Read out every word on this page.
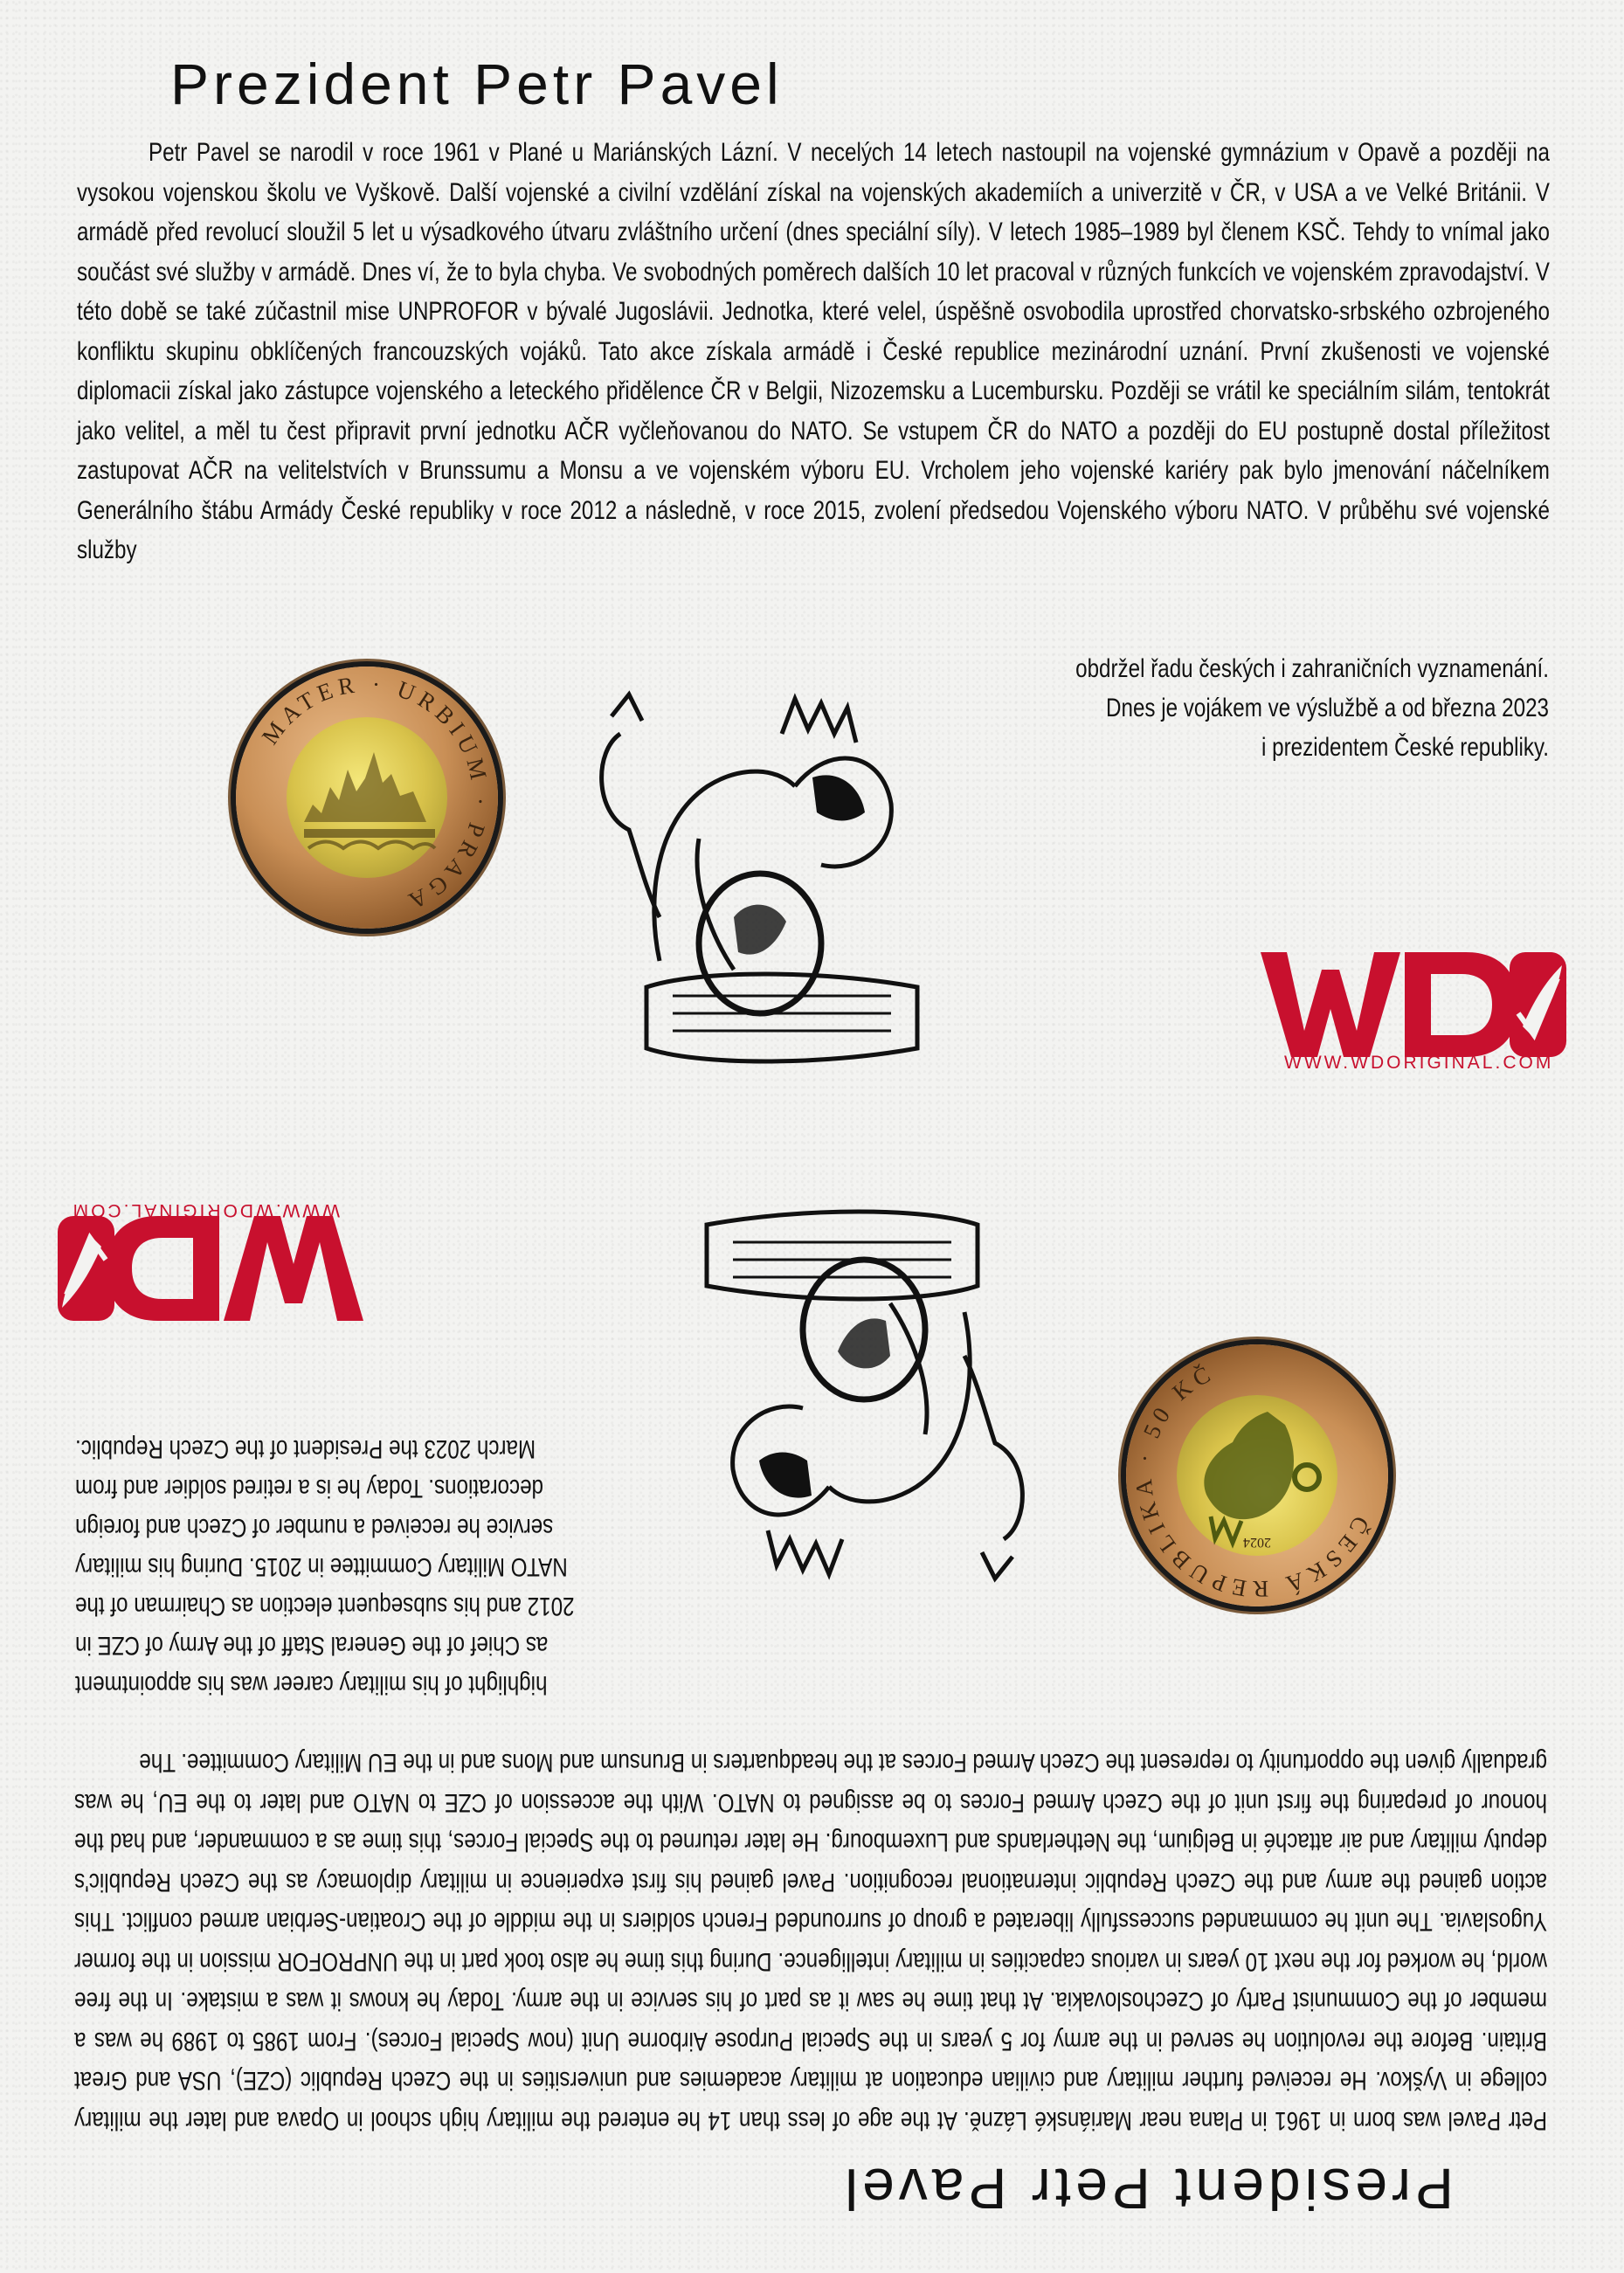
Prezident Petr Pavel

Petr Pavel se narodil v roce 1961 v Plané u Mariánských Lázní. V necelých 14 letech nastoupil na vojenské gymnázium v Opavě a později na vysokou vojenskou školu ve Vyškově. Další vojenské a civilní vzdělání získal na vojenských akademiích a univerzitě v ČR, v USA a ve Velké Británii. V armádě před revolucí sloužil 5 let u výsadkového útvaru zvláštního určení (dnes speciální síly). V letech 1985–1989 byl členem KSČ. Tehdy to vnímal jako součást své služby v armádě. Dnes ví, že to byla chyba. Ve svobodných poměrech dalších 10 let pracoval v různých funkcích ve vojenském zpravodajství. V této době se také zúčastnil mise UNPROFOR v bývalé Jugoslávii. Jednotka, které velel, úspěšně osvobodila uprostřed chorvatsko-srbského ozbrojeného konfliktu skupinu obklíčených francouzských vojáků. Tato akce získala armádě i České republice mezinárodní uznání. První zkušenosti ve vojenské diplomacii získal jako zástupce vojenského a leteckého přidělence ČR v Belgii, Nizozemsku a Lucembursku. Později se vrátil ke speciálním silám, tentokrát jako velitel, a měl tu čest připravit první jednotku AČR vyčleňovanou do NATO. Se vstupem ČR do NATO a později do EU postupně dostal příležitost zastupovat AČR na velitelstvích v Brunssumu a Monsu a ve vojenském výboru EU. Vrcholem jeho vojenské kariéry pak bylo jmenování náčelníkem Generálního štábu Armády České republiky v roce 2012 a následně, v roce 2015, zvolení předsedou Vojenského výboru NATO. V průběhu své vojenské služby

obdržel řadu českých i zahraničních vyznamenání.
Dnes je vojákem ve výslužbě a od března 2023
i prezidentem České republiky.
MATER · URBIUM · PRAGA
WWW.WDORIGINAL.COM
President Petr Pavel

Petr Pavel was born in 1961 in Plana near Mariánské Lázně. At the age of less than 14 he entered the military high school in Opava and later the military college in Vyškov. He received further military and civilian education at military academies and universities in the Czech Republic (CZE), USA and Great Britain. Before the revolution he served in the army for 5 years in the Special Purpose Airborne Unit (now Special Forces). From 1985 to 1989 he was a member of the Communist Party of Czechoslovakia. At that time he saw it as part of his service in the army. Today he knows it was a mistake. In the free world, he worked for the next 10 years in various capacities in military intelligence. During this time he also took part in the UNPROFOR mission in the former Yugoslavia. The unit he commanded successfully liberated a group of surrounded French soldiers in the middle of the Croatian-Serbian armed conflict. This action gained the army and the Czech Republic international recognition. Pavel gained his first experience in military diplomacy as the Czech Republic's deputy military and air attaché in Belgium, the Netherlands and Luxembourg. He later returned to the Special Forces, this time as a commander, and had the honour of preparing the first unit of the Czech Armed Forces to be assigned to NATO. With the accession of CZE to NATO and later to the EU, he was gradually given the opportunity to represent the Czech Armed Forces at the headquarters in Brunsum and Mons and in the EU Military Committee. The

highlight of his military career was his appointment
as Chief of the General Staff of the Army of CZE in
2012 and his subsequent election as Chairman of the
NATO Military Committee in 2015. During his military
service he received a number of Czech and foreign
decorations. Today he is a retired soldier and from
March 2023 the President of the Czech Republic.
ČESKÁ REPUBLIKA · 50 KČ
2024
WWW.WDORIGINAL.COM
